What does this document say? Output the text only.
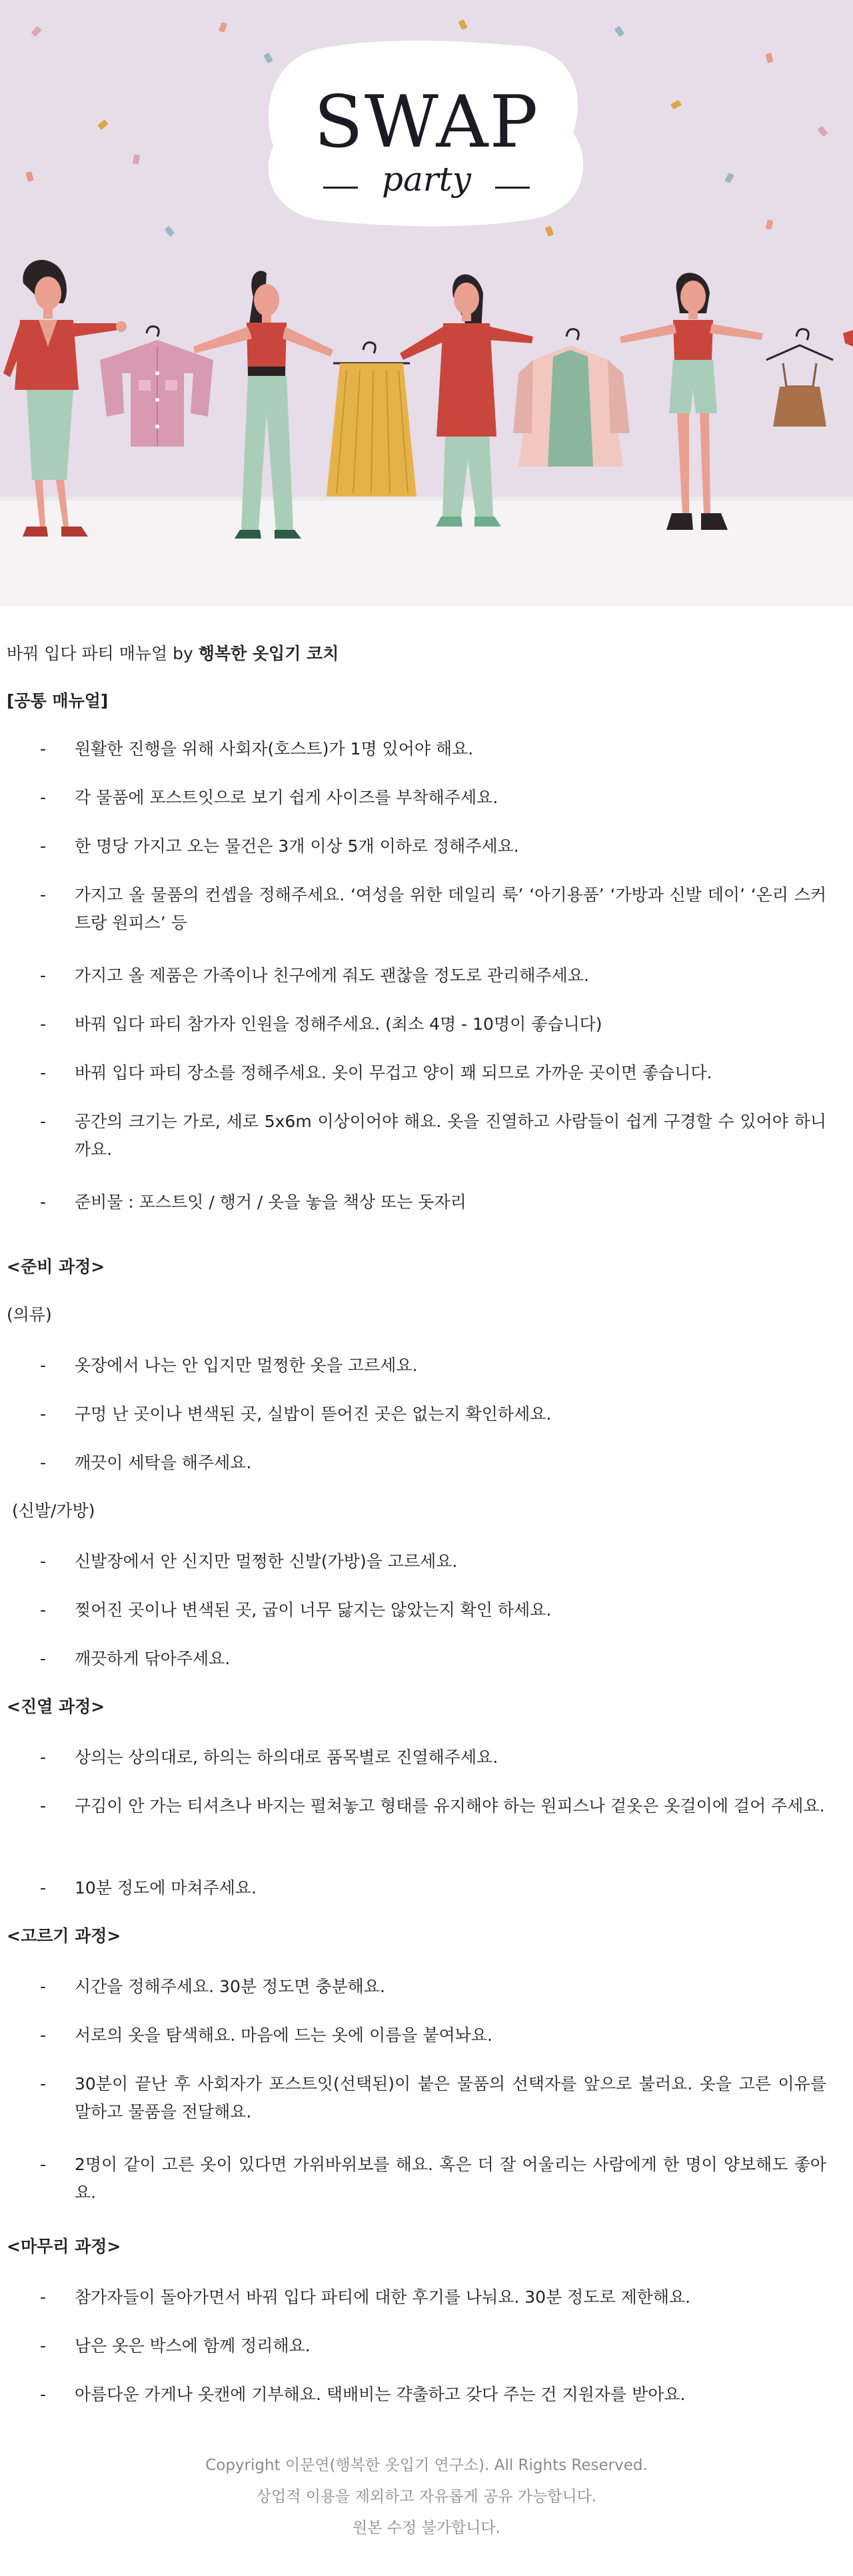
SWAP
party
바꿔 입다 파티 매뉴얼 by 행복한 옷입기 코치
[공통 매뉴얼]
-	원활한 진행을 위해 사회자(호스트)가 1명 있어야 해요.
-	각 물품에 포스트잇으로 보기 쉽게 사이즈를 부착해주세요.
-	한 명당 가지고 오는 물건은 3개 이상 5개 이하로 정해주세요.
-	가지고 올 물품의 컨셉을 정해주세요. ‘여성을 위한 데일리 룩’ ‘아기용품’ ‘가방과 신발 데이’ ‘온리 스커트랑 원피스’ 등
-	가지고 올 제품은 가족이나 친구에게 줘도 괜찮을 정도로 관리해주세요.
-	바꿔 입다 파티 참가자 인원을 정해주세요. (최소 4명 - 10명이 좋습니다)
-	바꿔 입다 파티 장소를 정해주세요. 옷이 무겁고 양이 꽤 되므로 가까운 곳이면 좋습니다.
-	공간의 크기는 가로, 세로 5x6m 이상이어야 해요. 옷을 진열하고 사람들이 쉽게 구경할 수 있어야 하니까요.
-	준비물 : 포스트잇 / 행거 / 옷을 놓을 책상 또는 돗자리
<준비 과정>
(의류)
-	옷장에서 나는 안 입지만 멀쩡한 옷을 고르세요.
-	구멍 난 곳이나 변색된 곳, 실밥이 뜯어진 곳은 없는지 확인하세요.
-	깨끗이 세탁을 해주세요.
(신발/가방)
-	신발장에서 안 신지만 멀쩡한 신발(가방)을 고르세요.
-	찢어진 곳이나 변색된 곳, 굽이 너무 닳지는 않았는지 확인 하세요.
-	깨끗하게 닦아주세요.
<진열 과정>
-	상의는 상의대로, 하의는 하의대로 품목별로 진열해주세요.
-	구김이 안 가는 티셔츠나 바지는 펼쳐놓고 형태를 유지해야 하는 원피스나 겉옷은 옷걸이에 걸어 주세요.
-	10분 정도에 마쳐주세요.
<고르기 과정>
-	시간을 정해주세요. 30분 정도면 충분해요.
-	서로의 옷을 탐색해요. 마음에 드는 옷에 이름을 붙여놔요.
-	30분이 끝난 후 사회자가 포스트잇(선택된)이 붙은 물품의 선택자를 앞으로 불러요. 옷을 고른 이유를 말하고 물품을 전달해요.
-	2명이 같이 고른 옷이 있다면 가위바위보를 해요. 혹은 더 잘 어울리는 사람에게 한 명이 양보해도 좋아요.
<마무리 과정>
-	참가자들이 돌아가면서 바꿔 입다 파티에 대한 후기를 나눠요. 30분 정도로 제한해요.
-	남은 옷은 박스에 함께 정리해요.
-	아름다운 가게나 옷캔에 기부해요. 택배비는 갹출하고 갖다 주는 건 지원자를 받아요.
Copyright 이문연(행복한 옷입기 연구소). All Rights Reserved.
상업적 이용을 제외하고 자유롭게 공유 가능합니다.
원본 수정 불가합니다.
